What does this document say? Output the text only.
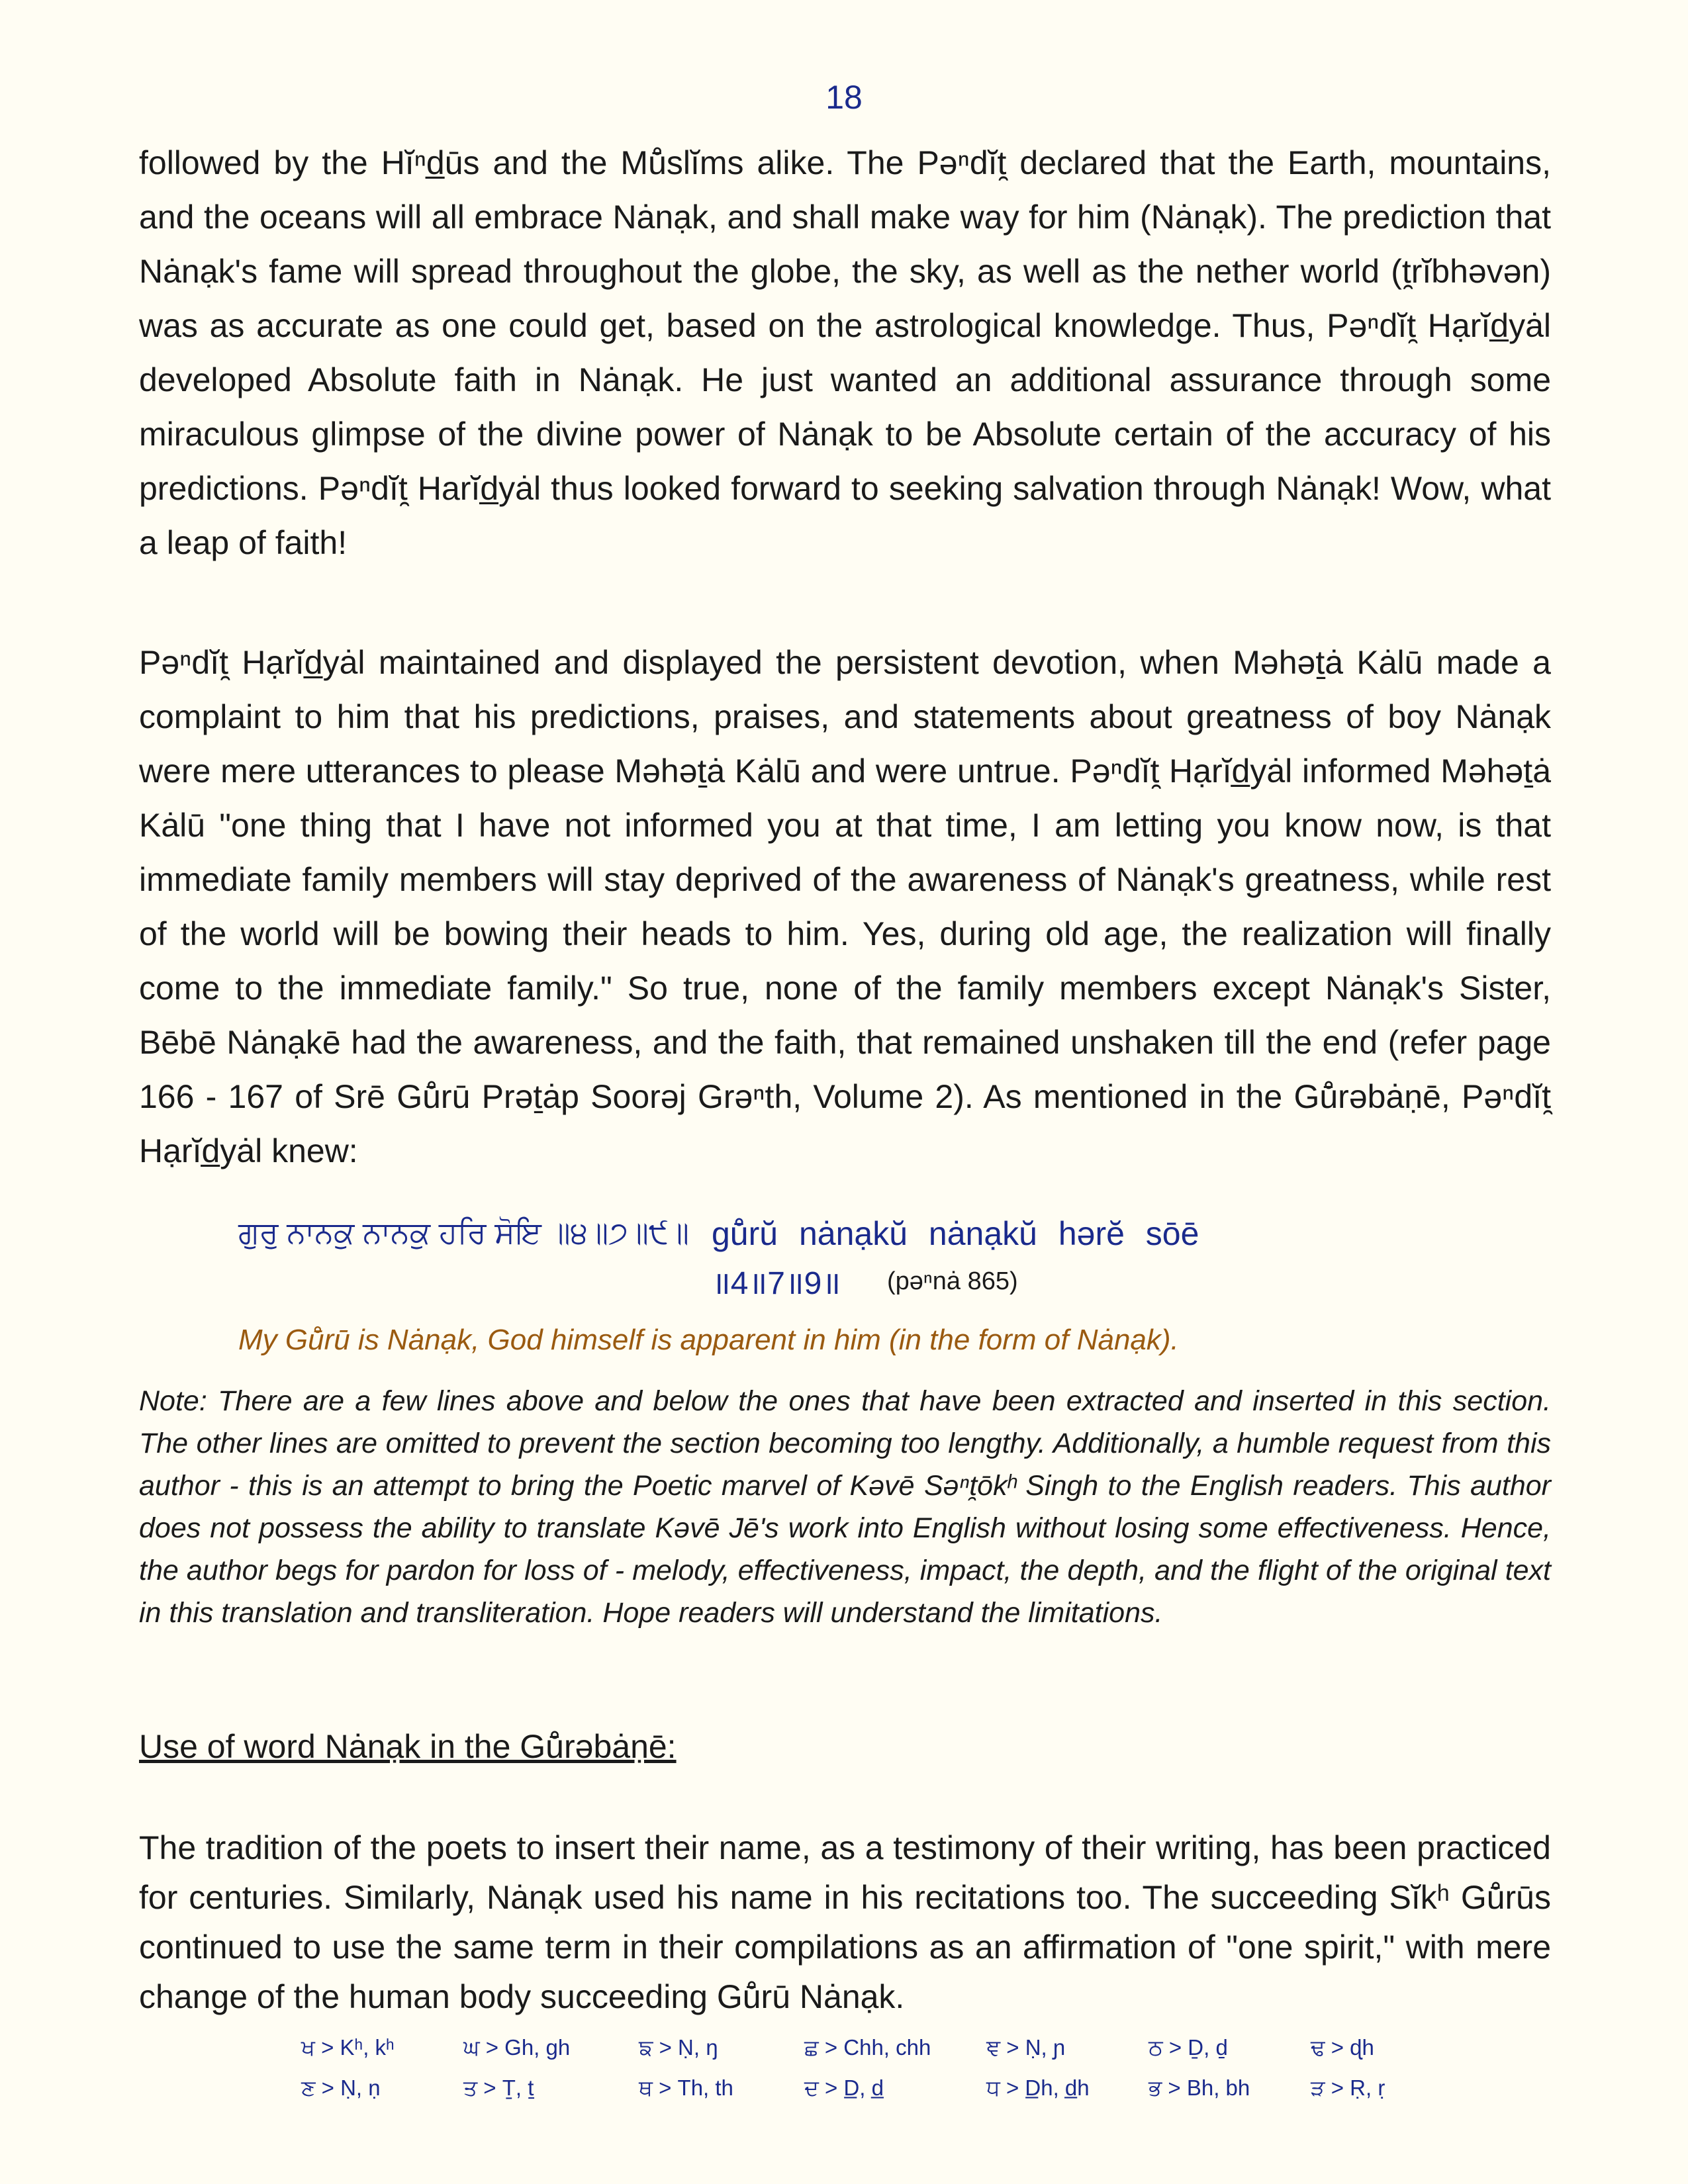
18

followed by the Hĭⁿd̲ūs and the Mů̄slĭms alike. The Pəⁿdĭt̯ declared that the Earth, mountains, and the oceans will all embrace Nȧnạk, and shall make way for him (Nȧnạk). The prediction that Nȧnạk's fame will spread throughout the globe, the sky, as well as the nether world (t̯rĭbhəvən) was as accurate as one could get, based on the astrological knowledge. Thus, Pəⁿdĭt̯ Hạrĭd̲yȧl developed Absolute faith in Nȧnạk. He just wanted an additional assurance through some miraculous glimpse of the divine power of Nȧnạk to be Absolute certain of the accuracy of his predictions. Pəⁿdĭt̯ Harĭd̲yȧl thus looked forward to seeking salvation through Nȧnạk! Wow, what a leap of faith!

Pəⁿdĭt̯ Hạrĭd̲yȧl maintained and displayed the persistent devotion, when Məhəṯȧ Kȧlū made a complaint to him that his predictions, praises, and statements about greatness of boy Nȧnạk were mere utterances to please Məhəṯȧ Kȧlū and were untrue. Pəⁿdĭt̯ Hạrĭd̲yȧl informed Məhəṯȧ Kȧlū "one thing that I have not informed you at that time, I am letting you know now, is that immediate family members will stay deprived of the awareness of Nȧnạk's greatness, while rest of the world will be bowing their heads to him. Yes, during old age, the realization will finally come to the immediate family." So true, none of the family members except Nȧnạk's Sister, Bēbē Nȧnạkē had the awareness, and the faith, that remained unshaken till the end (refer page 166 - 167 of Srē Gů̄rū Prəṯȧp Soorəj Grəⁿth, Volume 2). As mentioned in the Gů̄rəbȧṇē, Pəⁿdĭt̯ Hạrĭd̲yȧl knew:

ਗੁਰੁ ਨਾਨਕੁ ਨਾਨਕੁ ਹਰਿ ਸੋਇ ॥੪॥੭॥੯॥ gů̄rŭ nȧnạkŭ nȧnạkŭ hərĕ sōē
॥4॥7॥9॥ (pəⁿnȧ 865)
My Gů̄rū is Nȧnạk, God himself is apparent in him (in the form of Nȧnạk).
Note: There are a few lines above and below the ones that have been extracted and inserted in this section. The other lines are omitted to prevent the section becoming too lengthy. Additionally, a humble request from this author - this is an attempt to bring the Poetic marvel of Kəvē Səⁿt̯ōkʰ Singh to the English readers. This author does not possess the ability to translate Kəvē Jē's work into English without losing some effectiveness. Hence, the author begs for pardon for loss of - melody, effectiveness, impact, the depth, and the flight of the original text in this translation and transliteration. Hope readers will understand the limitations.
Use of word Nȧnạk in the Gů̄rəbȧṇē:

The tradition of the poets to insert their name, as a testimony of their writing, has been practiced for centuries. Similarly, Nȧnạk used his name in his recitations too. The succeeding Sĭkʰ Gů̄rūs continued to use the same term in their compilations as an affirmation of "one spirit," with mere change of the human body succeeding Gů̄rū Nȧnạk.

ਖ > Kʰ, kʰ	ਘ > Gh, gh	ਙ > Ṇ, ŋ	ਛ > Chh, chh	ਞ > Ṇ, ɲ	ਠ > Ḏ, ḏ	ਢ > ɖh
ਣ > Ṇ, ṇ	ਤ > Ṯ, ṯ	ਥ > Th, th	ਦ > D̲, d̲	ਧ > D̲h, d̲h	ਭ > Bh, bh	ੜ > Ṛ, ṛ
